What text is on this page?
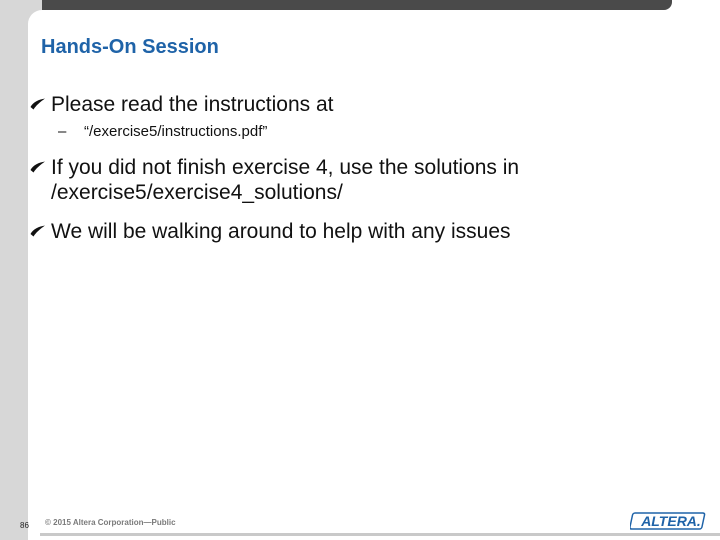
Hands-On Session
Please read the instructions at
– “/exercise5/instructions.pdf”
If you did not finish exercise 4, use the solutions in /exercise5/exercise4_solutions/
We will be walking around to help with any issues
86 © 2015 Altera Corporation—Public	ALTERA.
